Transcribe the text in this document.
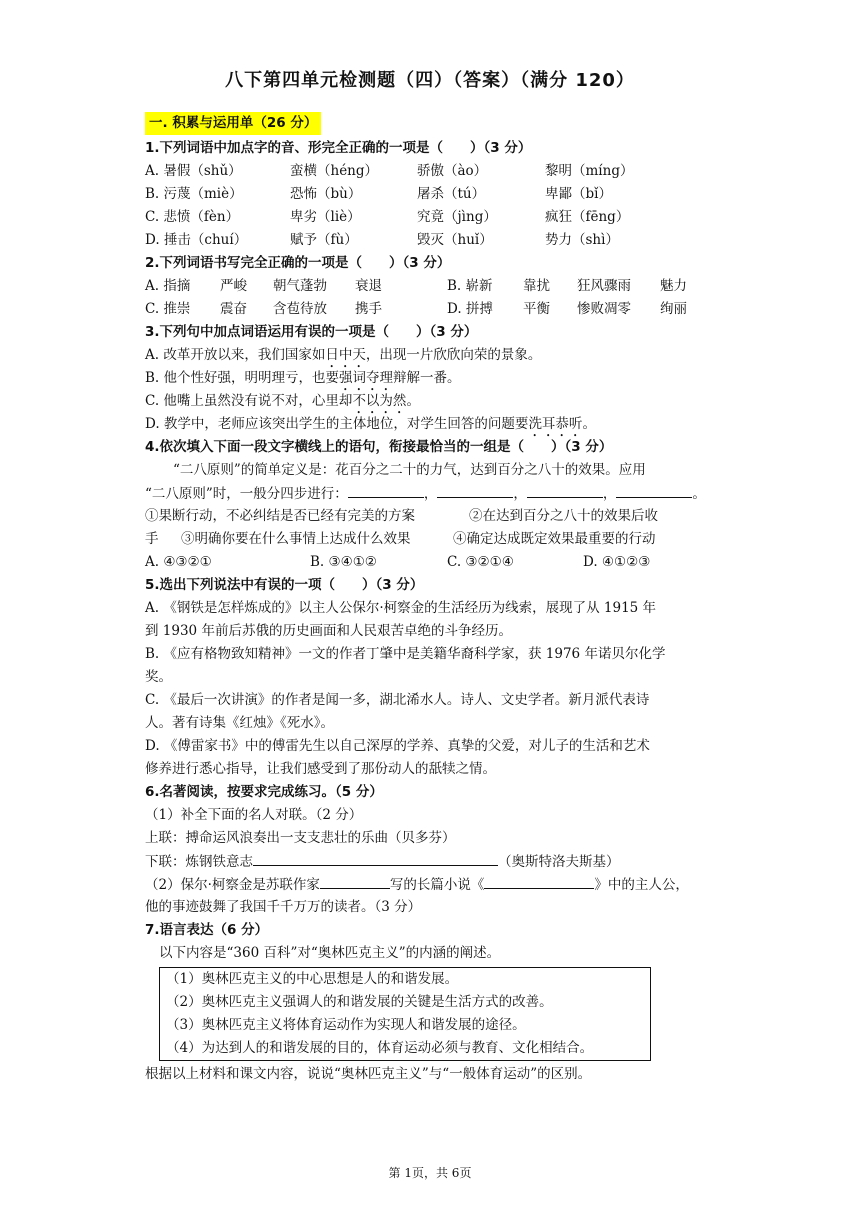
八下第四单元检测题（四）（答案）（满分 120）
一. 积累与运用单（26 分）
1.下列词语中加点字的音、形完全正确的一项是（　　）（3 分）
A. 暑假（shǔ）	蛮横（héng）	骄傲（ào）	黎明（míng）
B. 污蔑（miè）	恐怖（bù）	屠杀（tú）	卑鄙（bǐ）
C. 悲愤（fèn）	卑劣（liè）	究竟（jìng）	疯狂（fēng）
D. 捶击（chuí）	赋予（fù）	毁灭（huǐ）	势力（shì）
2.下列词语书写完全正确的一项是（　　）（3 分）
A. 指摘 严峻 朝气蓬勃 衰退	B. 崭新 靠扰 狂风骤雨 魅力
C. 推崇 震奋 含苞待放 携手	D. 拼搏 平衡 惨败凋零 绚丽
3.下列句中加点词语运用有误的一项是（　　）（3 分）
A. 改革开放以来，我们国家如日中天，出现一片欣欣向荣的景象。
B. 他个性好强，明明理亏，也要强词夺理辩解一番。
C. 他嘴上虽然没有说不对，心里却不以为然。
D. 教学中，老师应该突出学生的主体地位，对学生回答的问题要洗耳恭听。
4.依次填入下面一段文字横线上的语句，衔接最恰当的一组是（　　）（3 分）
“二八原则”的简单定义是：花百分之二十的力气，达到百分之八十的效果。应用
“二八原则”时，一般分四步进行：	，	，	，	。
①果断行动，不必纠结是否已经有完美的方案	②在达到百分之八十的效果后收
手 ③明确你要在什么事情上达成什么效果	④确定达成既定效果最重要的行动
A. ④③②①	B. ③④①②	C. ③②①④	D. ④①②③
5.选出下列说法中有误的一项（　　）（3 分）
A. 《钢铁是怎样炼成的》以主人公保尔·柯察金的生活经历为线索，展现了从 1915 年
到 1930 年前后苏俄的历史画面和人民艰苦卓绝的斗争经历。
B. 《应有格物致知精神》一文的作者丁肇中是美籍华裔科学家，获 1976 年诺贝尔化学
奖。
C. 《最后一次讲演》的作者是闻一多，湖北浠水人。诗人、文史学者。新月派代表诗
人。著有诗集《红烛》《死水》。
D. 《傅雷家书》中的傅雷先生以自己深厚的学养、真挚的父爱，对儿子的生活和艺术
修养进行悉心指导，让我们感受到了那份动人的舐犊之情。
6.名著阅读，按要求完成练习。（5 分）
（1）补全下面的名人对联。（2 分）
上联：搏命运风浪奏出一支支悲壮的乐曲（贝多芬）
下联：炼钢铁意志	（奥斯特洛夫斯基）
（2）保尔·柯察金是苏联作家	写的长篇小说《	》中的主人公，
他的事迹鼓舞了我国千千万万的读者。（3 分）
7.语言表达（6 分）
以下内容是“360 百科”对“奥林匹克主义”的内涵的阐述。
（1）奥林匹克主义的中心思想是人的和谐发展。
（2）奥林匹克主义强调人的和谐发展的关键是生活方式的改善。
（3）奥林匹克主义将体育运动作为实现人和谐发展的途径。
（4）为达到人的和谐发展的目的，体育运动必须与教育、文化相结合。
根据以上材料和课文内容，说说“奥林匹克主义”与“一般体育运动”的区别。
第 1页，共 6页
